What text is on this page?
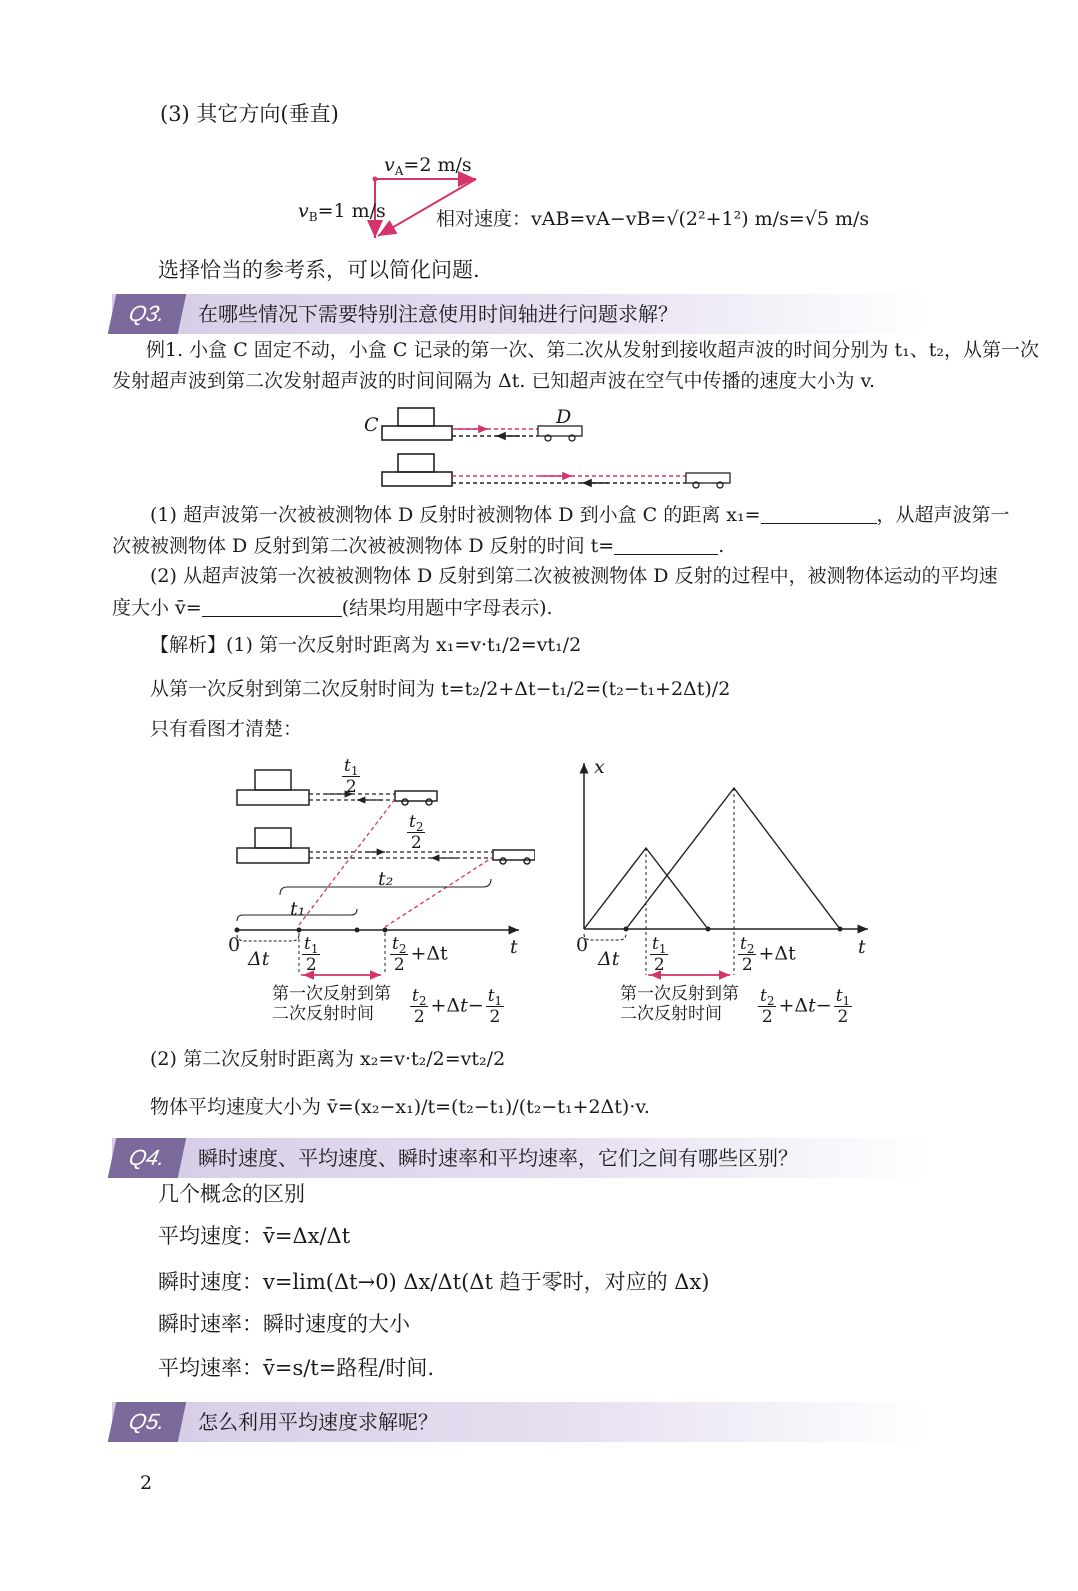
(3) 其它方向(垂直)
$v_A=2$ m/s
$v_B=1$ m/s	相对速度：vAB=vA−vB=√(2²+1²) m/s=√5 m/s
选择恰当的参考系，可以简化问题.
Q3.	在哪些情况下需要特别注意使用时间轴进行问题求解？
例1. 小盒 C 固定不动，小盒 C 记录的第一次、第二次从发射到接收超声波的时间分别为 t₁、t₂，从第一次
发射超声波到第二次发射超声波的时间间隔为 Δt. 已知超声波在空气中传播的速度大小为 v.
C	D
(1) 超声波第一次被被测物体 D 反射时被测物体 D 到小盒 C 的距离 x₁=	，从超声波第一
次被被测物体 D 反射到第二次被被测物体 D 反射的时间 t=	.
(2) 从超声波第一次被被测物体 D 反射到第二次被被测物体 D 反射的过程中，被测物体运动的平均速
度大小 v̄=	(结果均用题中字母表示).
【解析】(1) 第一次反射时距离为 x₁=v·t₁/2=vt₁/2
从第一次反射到第二次反射时间为 t=t₂/2+Δt−t₁/2=(t₂−t₁+2Δt)/2
只有看图才清楚：
$\frac{t_1}{2}$
$\frac{t_2}{2}$
t₂
t₁
0
Δt
t
$\frac{t_1}{2}$	$\frac{t_2}{2} +\Delta t$
第一次反射到第
二次反射时间	$\frac{t_2}{2} +\Delta t- \frac{t_1}{2}$
x
0
Δt
t
$\frac{t_1}{2}$	$\frac{t_2}{2} +\Delta t$
第一次反射到第
二次反射时间	$\frac{t_2}{2} +\Delta t- \frac{t_1}{2}$
(2) 第二次反射时距离为 x₂=v·t₂/2=vt₂/2
物体平均速度大小为 v̄=(x₂−x₁)/t=(t₂−t₁)/(t₂−t₁+2Δt)·v.
Q4.	瞬时速度、平均速度、瞬时速率和平均速率，它们之间有哪些区别？
几个概念的区别
平均速度：v̄=Δx/Δt
瞬时速度：v=lim(Δt→0) Δx/Δt(Δt 趋于零时，对应的 Δx)
瞬时速率：瞬时速度的大小
平均速率：v̄=s/t=路程/时间.
Q5.	怎么利用平均速度求解呢？
2
